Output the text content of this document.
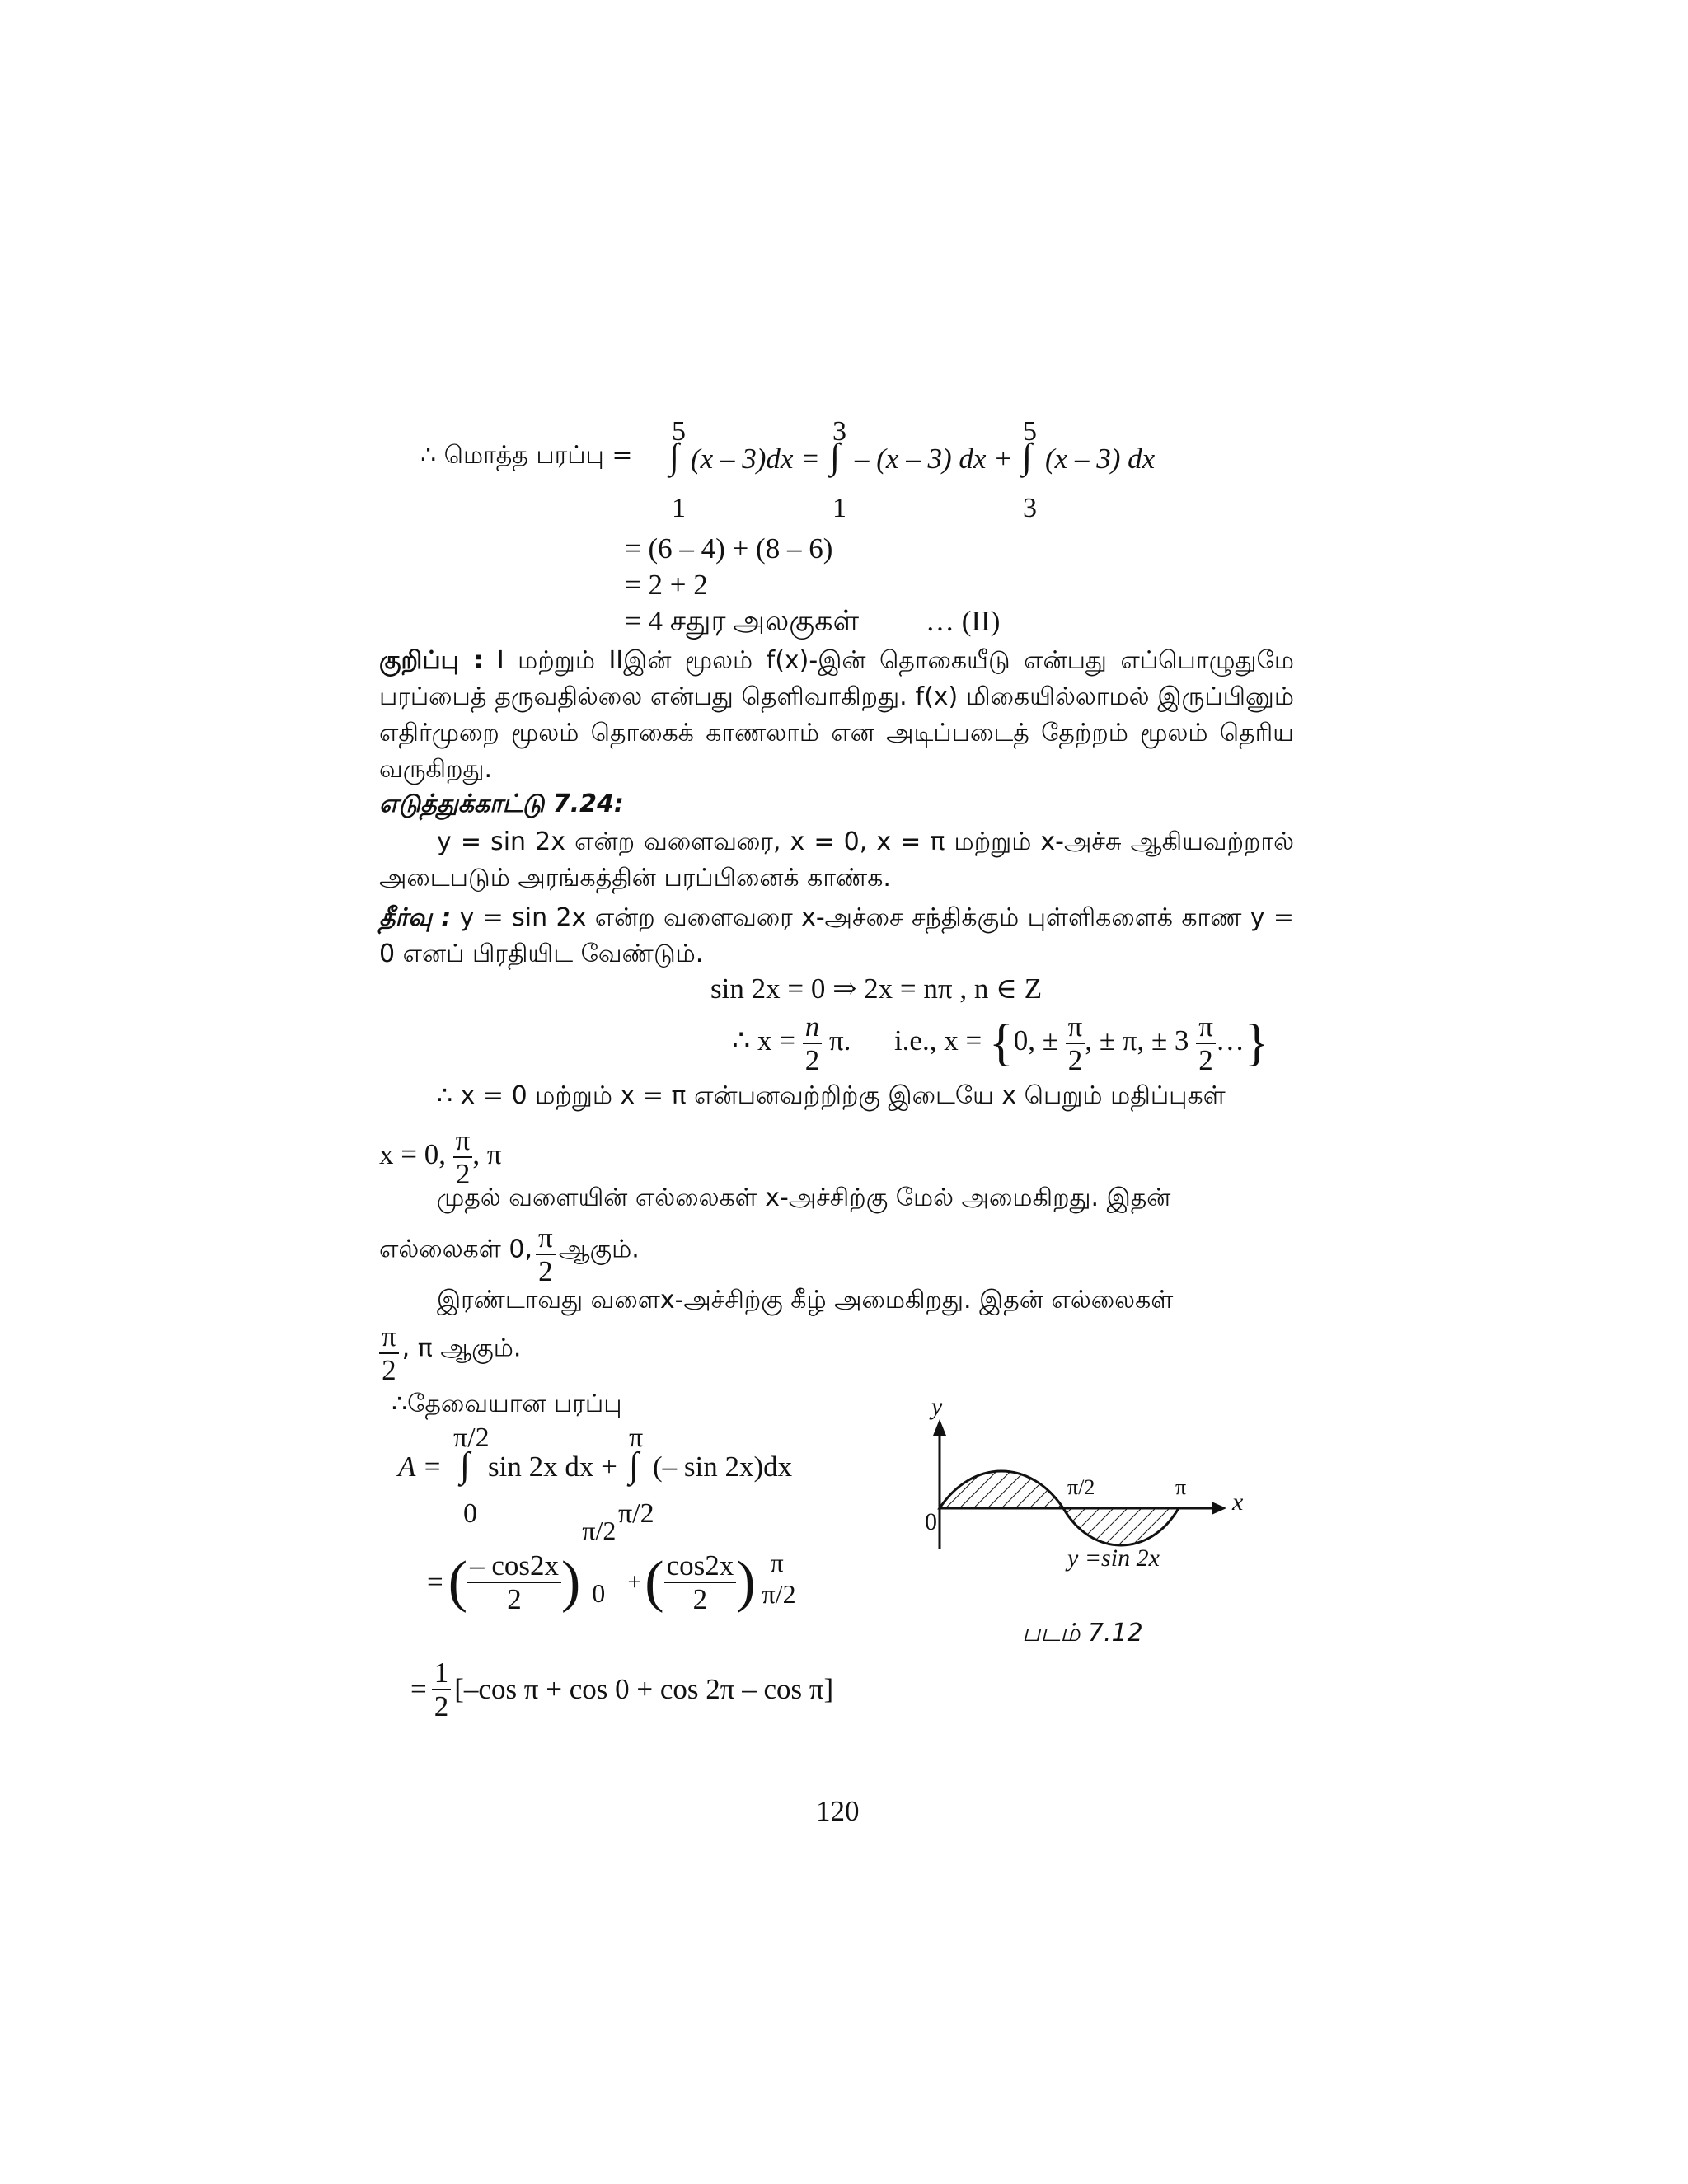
∴ மொத்த பரப்பு = ∫
5
1
(x – 3)dx = ∫
3
1
– (x – 3) dx + ∫
5
3
(x – 3) dx
= (6 – 4) + (8 – 6)
= 2 + 2
= 4 சதுர அலகுகள் … (II)
குறிப்பு : I மற்றும் IIஇன் மூலம் f(x)-இன் தொகையீடு என்பது எப்பொழுதுமே பரப்பைத் தருவதில்லை என்பது தெளிவாகிறது. f(x) மிகையில்லாமல் இருப்பினும் எதிர்முறை மூலம் தொகைக் காணலாம் என அடிப்படைத் தேற்றம் மூலம் தெரிய வருகிறது.
எடுத்துக்காட்டு 7.24:
y = sin 2x என்ற வளைவரை, x = 0, x = π மற்றும் x-அச்சு ஆகியவற்றால் அடைபடும் அரங்கத்தின் பரப்பினைக் காண்க.
தீர்வு : y = sin 2x என்ற வளைவரை x-அச்சை சந்திக்கும் புள்ளிகளைக் காண y = 0 எனப் பிரதியிட வேண்டும்.
sin 2x = 0 ⇒ 2x = nπ , n ∈ Z
∴ $x = \frac{n}{2} \pi$. i.e., x = {0, ± $\frac{\pi}{2}$ , ± π, ± $3 \frac{\pi}{2}$ …}
∴ x = 0 மற்றும் x = π என்பனவற்றிற்கு இடையே x பெறும் மதிப்புகள்
x = 0, $\frac{\pi}{2}$ , π
முதல் வளையின் எல்லைகள் x-அச்சிற்கு மேல் அமைகிறது. இதன்
எல்லைகள் 0, $\frac{\pi}{2}$ ஆகும்.
இரண்டாவது வளைx-அச்சிற்கு கீழ் அமைகிறது. இதன் எல்லைகள்
$\frac{\pi}{2}$ , π ஆகும்.
∴தேவையான பரப்பு
A =
π/2
∫
0
sin 2x dx +
π
∫
π/2
(– sin 2x)dx
= ( $\frac{- \cos 2x}{2}$ )
π/2
0 + ( $\frac{\cos 2x}{2}$ ) π
π/2
= $\frac{1}{2} [-\cos$ π + cos 0 + cos 2π – cos π]
y
x
0
π/2	π
y =sin 2x
படம் 7.12
120
